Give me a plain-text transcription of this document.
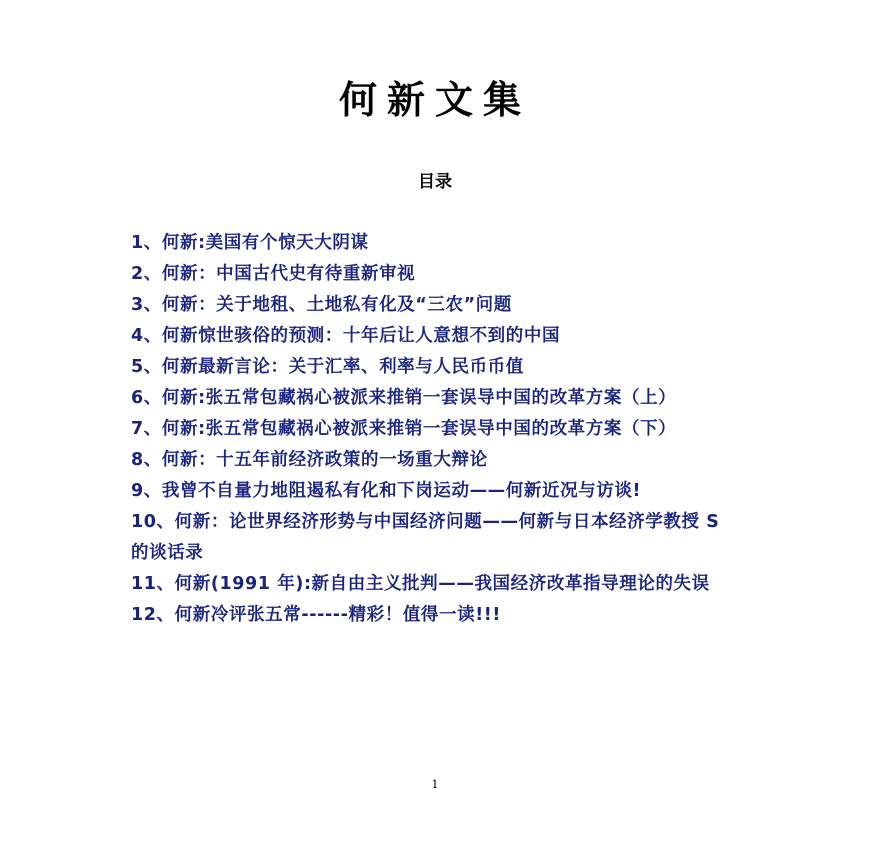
何新文集
目录
1、何新:美国有个惊天大阴谋
2、何新：中国古代史有待重新审视
3、何新：关于地租、土地私有化及“三农”问题
4、何新惊世骇俗的预测：十年后让人意想不到的中国
5、何新最新言论：关于汇率、利率与人民币币值
6、何新:张五常包藏祸心被派来推销一套误导中国的改革方案（上）
7、何新:张五常包藏祸心被派来推销一套误导中国的改革方案（下）
8、何新：十五年前经济政策的一场重大辩论
9、我曾不自量力地阻遏私有化和下岗运动——何新近况与访谈!
10、何新：论世界经济形势与中国经济问题——何新与日本经济学教授 S 的谈话录
11、何新(1991 年):新自由主义批判——我国经济改革指导理论的失误
12、何新冷评张五常------精彩！值得一读!!!
1
